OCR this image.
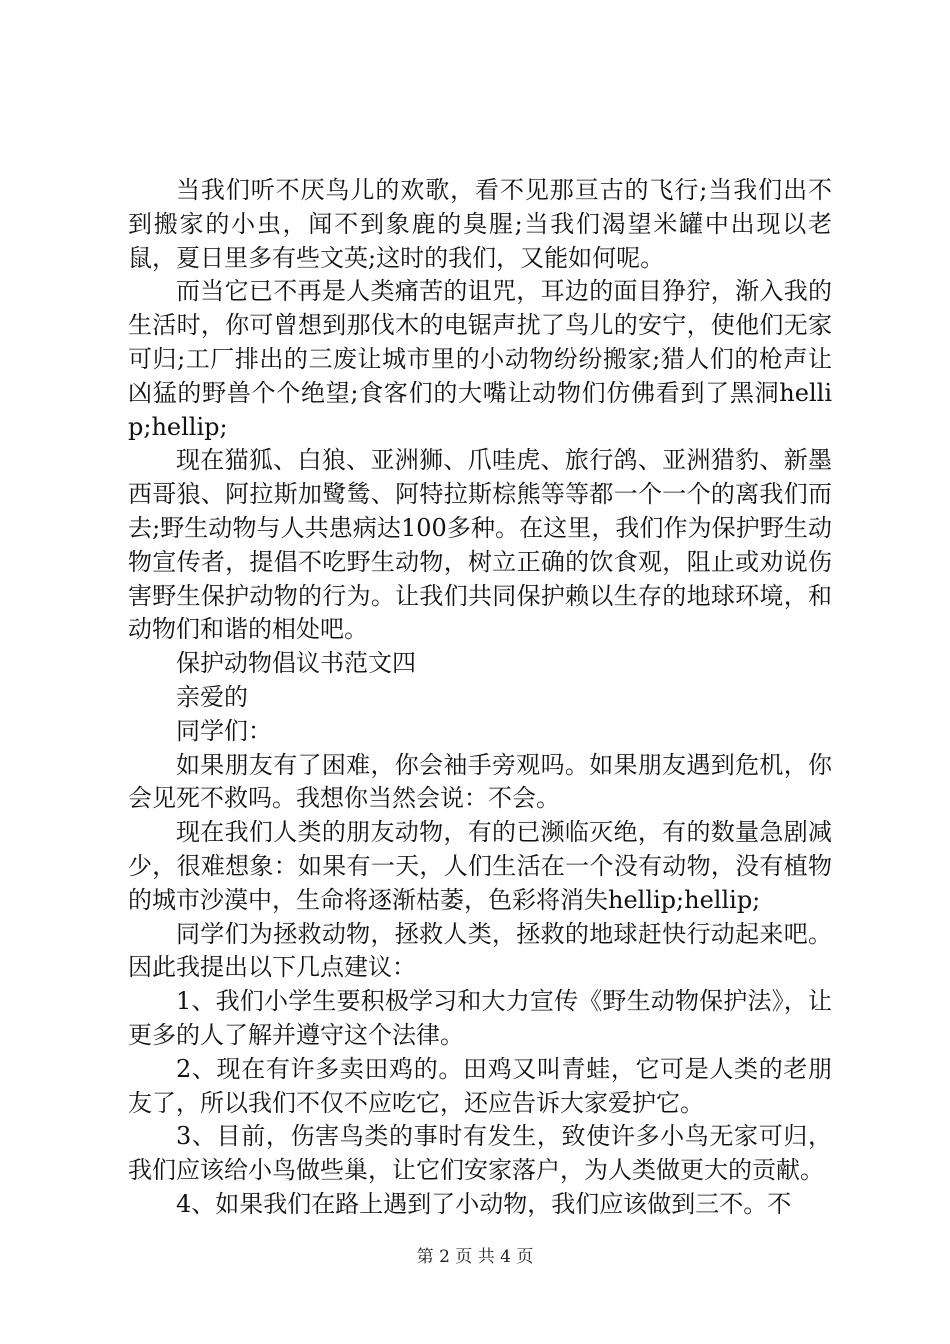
当我们听不厌鸟儿的欢歌，看不见那亘古的飞行;当我们出不到搬家的小虫，闻不到象鹿的臭腥;当我们渴望米罐中出现以老鼠，夏日里多有些文英;这时的我们，又能如何呢。

而当它已不再是人类痛苦的诅咒，耳边的面目狰狞，渐入我的生活时，你可曾想到那伐木的电锯声扰了鸟儿的安宁，使他们无家可归;工厂排出的三废让城市里的小动物纷纷搬家;猎人们的枪声让凶猛的野兽个个绝望;食客们的大嘴让动物们仿佛看到了黑洞hellip;hellip;

现在猫狐、白狼、亚洲狮、爪哇虎、旅行鸽、亚洲猎豹、新墨西哥狼、阿拉斯加鹭鸶、阿特拉斯棕熊等等都一个一个的离我们而去;野生动物与人共患病达100多种。在这里，我们作为保护野生动物宣传者，提倡不吃野生动物，树立正确的饮食观，阻止或劝说伤害野生保护动物的行为。让我们共同保护赖以生存的地球环境，和动物们和谐的相处吧。

保护动物倡议书范文四

亲爱的

同学们：

如果朋友有了困难，你会袖手旁观吗。如果朋友遇到危机，你会见死不救吗。我想你当然会说：不会。

现在我们人类的朋友动物，有的已濒临灭绝，有的数量急剧减少，很难想象：如果有一天，人们生活在一个没有动物，没有植物的城市沙漠中，生命将逐渐枯萎，色彩将消失hellip;hellip;

同学们为拯救动物，拯救人类，拯救的地球赶快行动起来吧。因此我提出以下几点建议：

1、我们小学生要积极学习和大力宣传《野生动物保护法》，让更多的人了解并遵守这个法律。

2、现在有许多卖田鸡的。田鸡又叫青蛙，它可是人类的老朋友了，所以我们不仅不应吃它，还应告诉大家爱护它。

3、目前，伤害鸟类的事时有发生，致使许多小鸟无家可归，我们应该给小鸟做些巢，让它们安家落户，为人类做更大的贡献。

4、如果我们在路上遇到了小动物，我们应该做到三不。不

第 2 页 共 4 页
